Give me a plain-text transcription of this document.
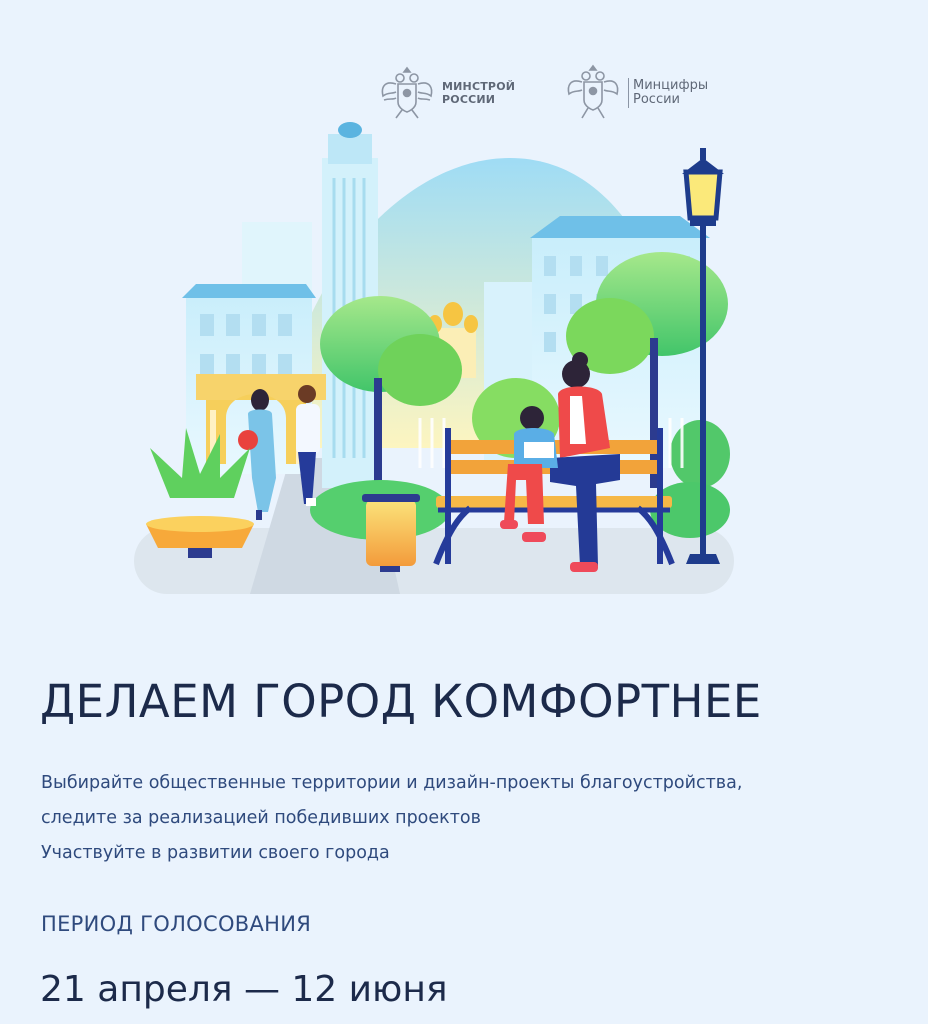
МИНСТРОЙ
РОССИИ
Минцифры
России
ДЕЛАЕМ ГОРОД КОМФОРТНЕЕ
Выбирайте общественные территории и дизайн-проекты благоустройства,
следите за реализацией победивших проектов
Участвуйте в развитии своего города
ПЕРИОД ГОЛОСОВАНИЯ
21 апреля — 12 июня
